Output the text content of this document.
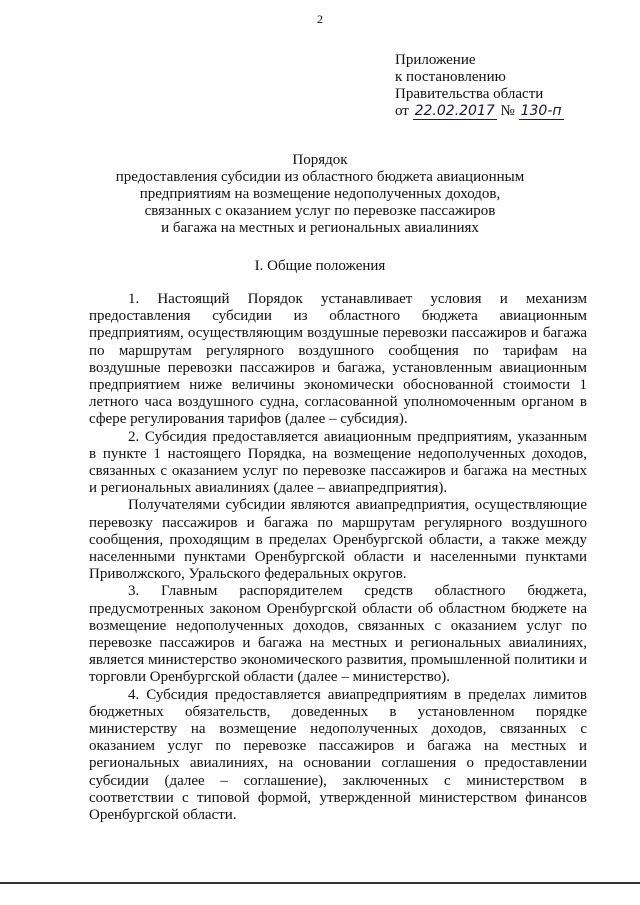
2
Приложение
к постановлению
Правительства области
от 22.02.2017 № 130-п
Порядок
предоставления субсидии из областного бюджета авиационным
предприятиям на возмещение недополученных доходов,
связанных с оказанием услуг по перевозке пассажиров
и багажа на местных и региональных авиалиниях
I. Общие положения

1. Настоящий Порядок устанавливает условия и механизм предоставления субсидии из областного бюджета авиационным предприятиям, осуществляющим воздушные перевозки пассажиров и багажа по маршрутам регулярного воздушного сообщения по тарифам на воздушные перевозки пассажиров и багажа, установленным авиационным предприятием ниже величины экономически обоснованной стоимости 1 летного часа воздушного судна, согласованной уполномоченным органом в сфере регулирования тарифов (далее – субсидия).

2. Субсидия предоставляется авиационным предприятиям, указанным в пункте 1 настоящего Порядка, на возмещение недополученных доходов, связанных с оказанием услуг по перевозке пассажиров и багажа на местных и региональных авиалиниях (далее – авиапредприятия).

Получателями субсидии являются авиапредприятия, осуществляющие перевозку пассажиров и багажа по маршрутам регулярного воздушного сообщения, проходящим в пределах Оренбургской области, а также между населенными пунктами Оренбургской области и населенными пунктами Приволжского, Уральского федеральных округов.

3. Главным распорядителем средств областного бюджета, предусмотренных законом Оренбургской области об областном бюджете на возмещение недополученных доходов, связанных с оказанием услуг по перевозке пассажиров и багажа на местных и региональных авиалиниях, является министерство экономического развития, промышленной политики и торговли Оренбургской области (далее – министерство).

4. Субсидия предоставляется авиапредприятиям в пределах лимитов бюджетных обязательств, доведенных в установленном порядке министерству на возмещение недополученных доходов, связанных с оказанием услуг по перевозке пассажиров и багажа на местных и региональных авиалиниях, на основании соглашения о предоставлении субсидии (далее – соглашение), заключенных с министерством в соответствии с типовой формой, утвержденной министерством финансов Оренбургской области.
